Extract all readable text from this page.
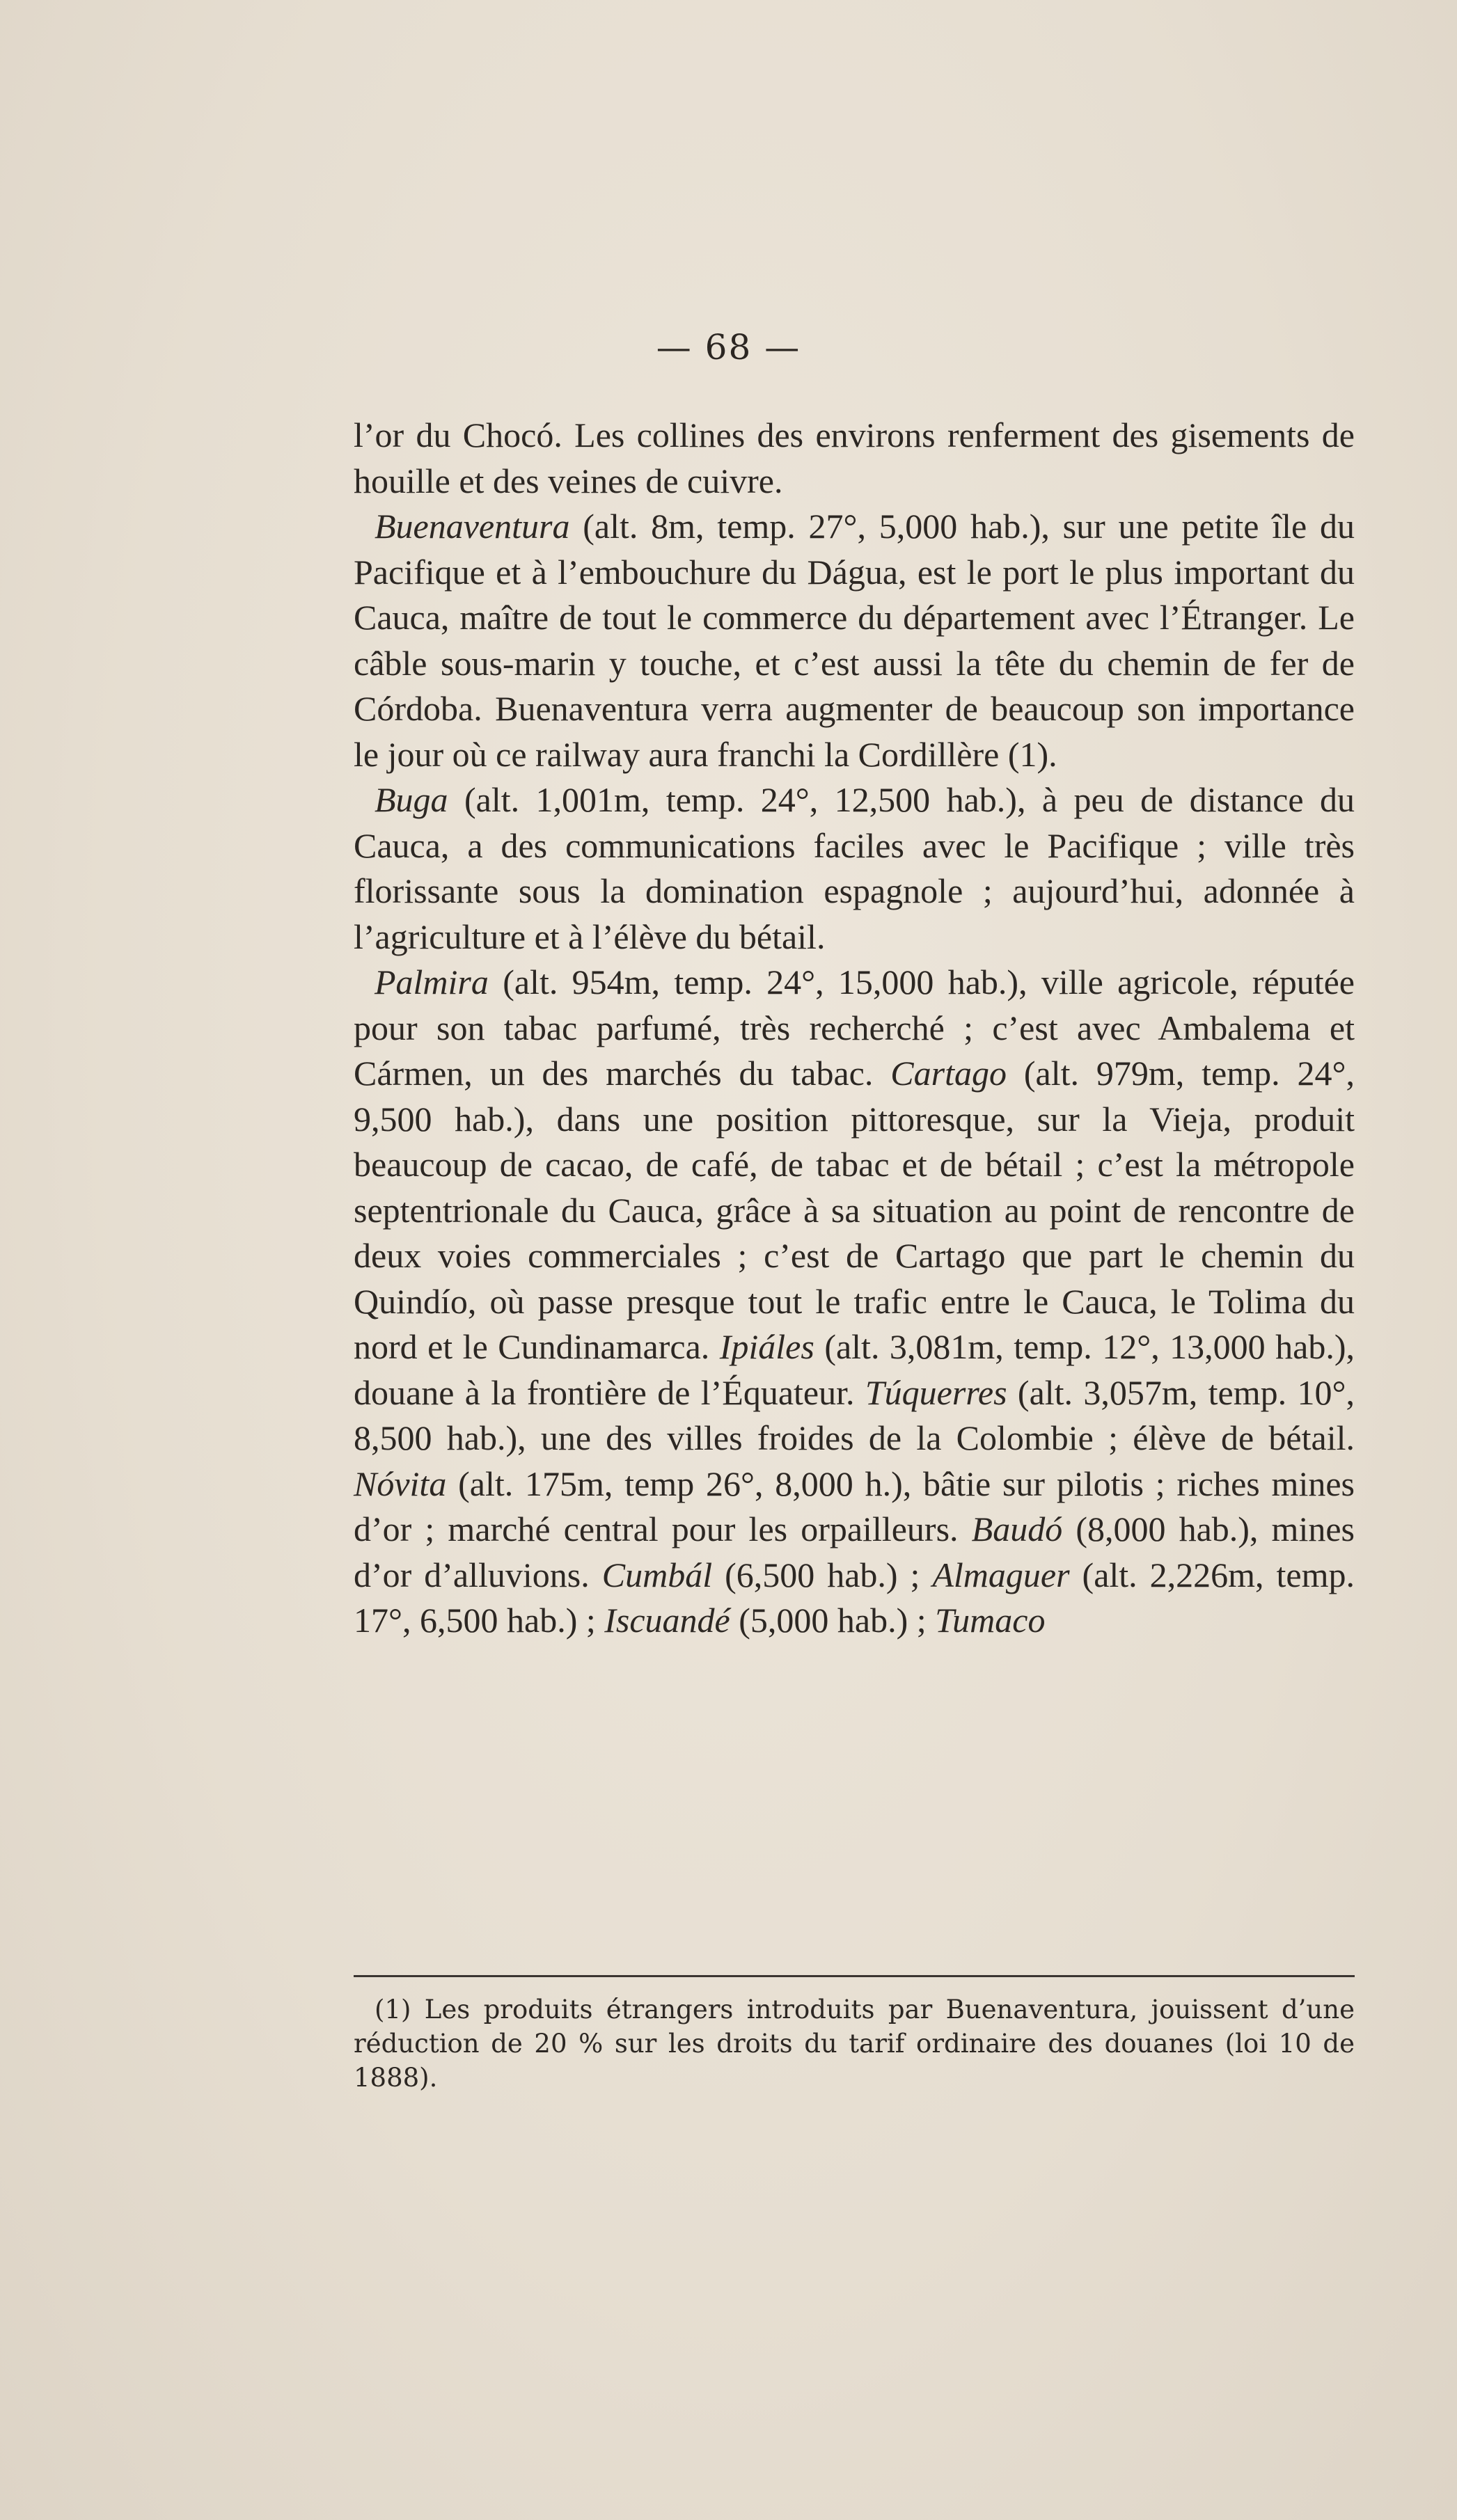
— 68 —

l’or du Chocó. Les collines des environs renferment des gisements de houille et des veines de cuivre.

Buenaventura (alt. 8m, temp. 27°, 5,000 hab.), sur une petite île du Pacifique et à l’embouchure du Dágua, est le port le plus important du Cauca, maître de tout le commerce du département avec l’Étranger. Le câble sous-marin y touche, et c’est aussi la tête du chemin de fer de Córdoba. Buenaventura verra augmenter de beaucoup son importance le jour où ce railway aura franchi la Cordillère (1).

Buga (alt. 1,001m, temp. 24°, 12,500 hab.), à peu de distance du Cauca, a des communications faciles avec le Pacifique ; ville très florissante sous la domination espagnole ; aujourd’hui, adonnée à l’agriculture et à l’élève du bétail.

Palmira (alt. 954m, temp. 24°, 15,000 hab.), ville agricole, réputée pour son tabac parfumé, très recherché ; c’est avec Ambalema et Cármen, un des marchés du tabac. Cartago (alt. 979m, temp. 24°, 9,500 hab.), dans une position pittoresque, sur la Vieja, produit beaucoup de cacao, de café, de tabac et de bétail ; c’est la métropole septentrionale du Cauca, grâce à sa situation au point de rencontre de deux voies commerciales ; c’est de Cartago que part le chemin du Quindío, où passe presque tout le trafic entre le Cauca, le Tolima du nord et le Cundinamarca. Ipiáles (alt. 3,081m, temp. 12°, 13,000 hab.), douane à la frontière de l’Équateur. Túquerres (alt. 3,057m, temp. 10°, 8,500 hab.), une des villes froides de la Colombie ; élève de bétail. Nóvita (alt. 175m, temp 26°, 8,000 h.), bâtie sur pilotis ; riches mines d’or ; marché central pour les orpailleurs. Baudó (8,000 hab.), mines d’or d’alluvions. Cumbál (6,500 hab.) ; Almaguer (alt. 2,226m, temp. 17°, 6,500 hab.) ; Iscuandé (5,000 hab.) ; Tumaco

(1) Les produits étrangers introduits par Buenaventura, jouissent d’une réduction de 20 % sur les droits du tarif ordinaire des douanes (loi 10 de 1888).
